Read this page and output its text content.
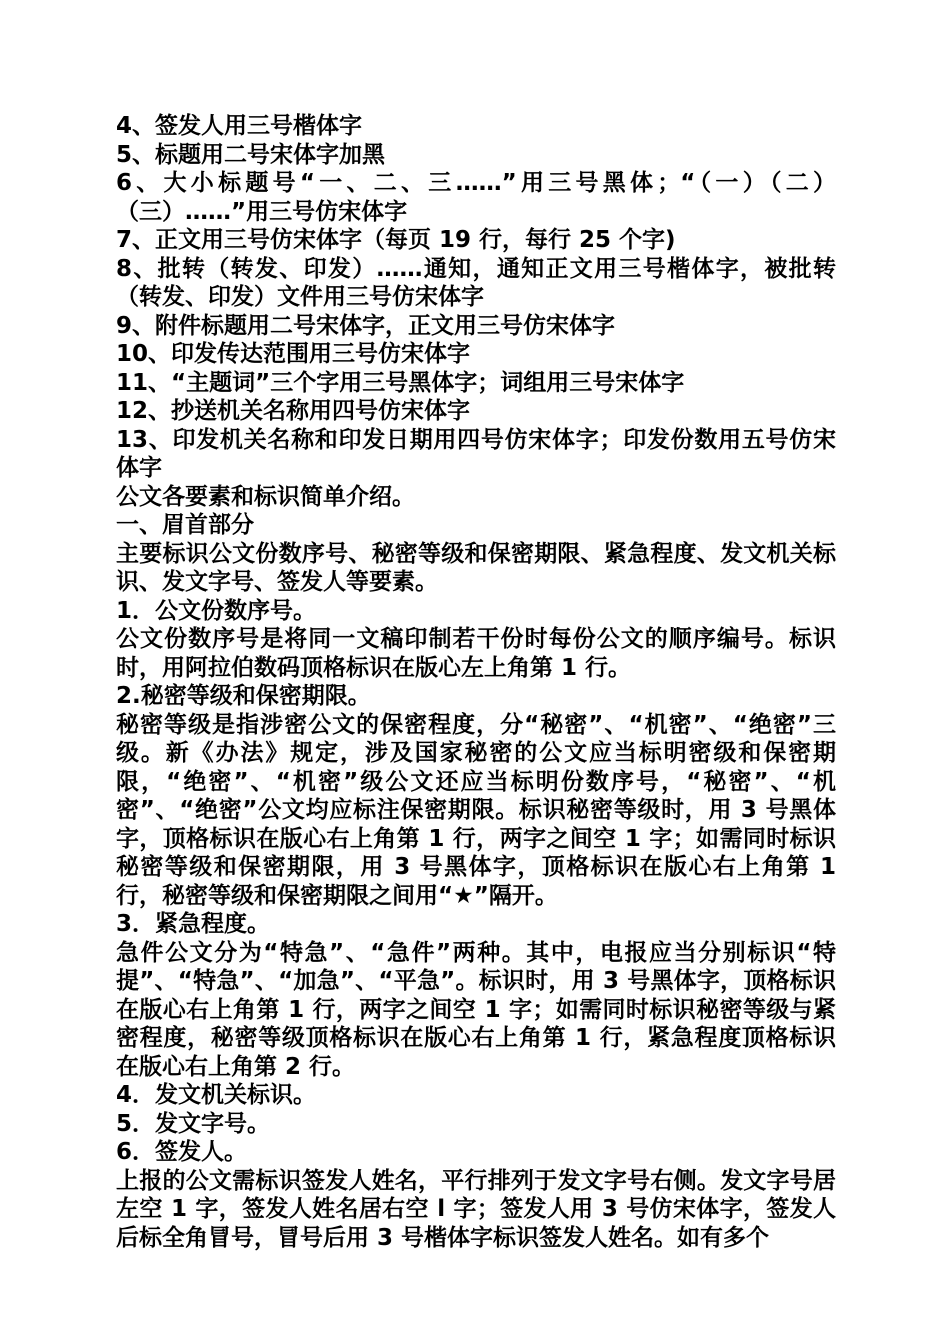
4、签发人用三号楷体字
5、标题用二号宋体字加黑
6、大小标题号“一、二、三……”用三号黑体；“（一）（二）（三）……”用三号仿宋体字
7、正文用三号仿宋体字（每页 19 行，每行 25 个字)
8、批转（转发、印发）……通知，通知正文用三号楷体字，被批转（转发、印发）文件用三号仿宋体字
9、附件标题用二号宋体字，正文用三号仿宋体字
10、印发传达范围用三号仿宋体字
11、“主题词”三个字用三号黑体字；词组用三号宋体字
12、抄送机关名称用四号仿宋体字
13、印发机关名称和印发日期用四号仿宋体字；印发份数用五号仿宋体字
公文各要素和标识简单介绍。
一、眉首部分
主要标识公文份数序号、秘密等级和保密期限、紧急程度、发文机关标识、发文字号、签发人等要素。
1．公文份数序号。
公文份数序号是将同一文稿印制若干份时每份公文的顺序编号。标识时，用阿拉伯数码顶格标识在版心左上角第 1 行。
2.秘密等级和保密期限。
秘密等级是指涉密公文的保密程度，分“秘密”、“机密”、“绝密”三级。新《办法》规定，涉及国家秘密的公文应当标明密级和保密期限，“绝密”、“机密”级公文还应当标明份数序号，“秘密”、“机密”、“绝密”公文均应标注保密期限。标识秘密等级时，用 3 号黑体字，顶格标识在版心右上角第 1 行，两字之间空 1 字；如需同时标识秘密等级和保密期限，用 3 号黑体字，顶格标识在版心右上角第 1 行，秘密等级和保密期限之间用“★”隔开。
3．紧急程度。
急件公文分为“特急”、“急件”两种。其中，电报应当分别标识“特提”、“特急”、“加急”、“平急”。标识时，用 3 号黑体字，顶格标识在版心右上角第 1 行，两字之间空 1 字；如需同时标识秘密等级与紧密程度，秘密等级顶格标识在版心右上角第 1 行，紧急程度顶格标识在版心右上角第 2 行。
4．发文机关标识。
5．发文字号。
6．签发人。
上报的公文需标识签发人姓名，平行排列于发文字号右侧。发文字号居左空 1 字，签发人姓名居右空 l 字；签发人用 3 号仿宋体字，签发人后标全角冒号，冒号后用 3 号楷体字标识签发人姓名。如有多个
